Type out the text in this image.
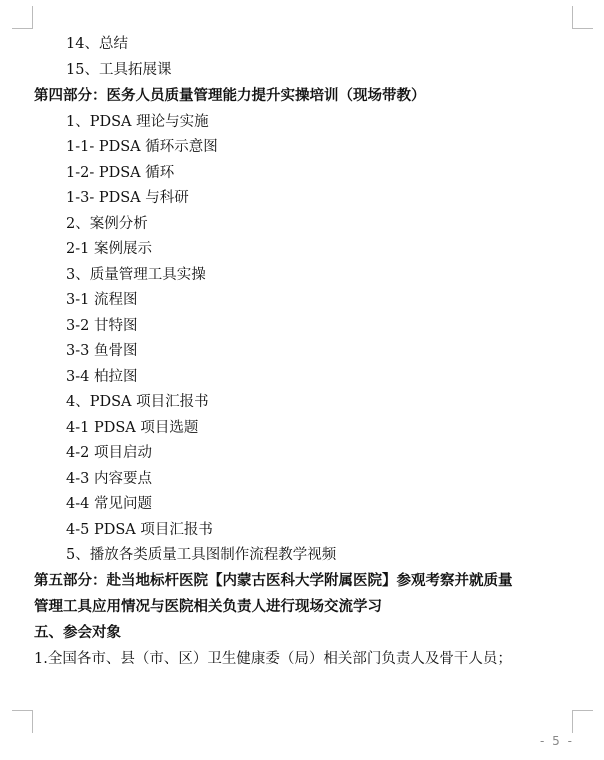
14、总结
15、工具拓展课
第四部分：医务人员质量管理能力提升实操培训（现场带教）
1、PDSA 理论与实施
1-1- PDSA 循环示意图
1-2- PDSA 循环
1-3- PDSA 与科研
2、案例分析
2-1 案例展示
3、质量管理工具实操
3-1 流程图
3-2 甘特图
3-3 鱼骨图
3-4 柏拉图
4、PDSA 项目汇报书
4-1 PDSA 项目选题
4-2 项目启动
4-3 内容要点
4-4 常见问题
4-5 PDSA 项目汇报书
5、播放各类质量工具图制作流程教学视频
第五部分：赴当地标杆医院【内蒙古医科大学附属医院】参观考察并就质量
管理工具应用情况与医院相关负责人进行现场交流学习
五、参会对象
1.全国各市、县（市、区）卫生健康委（局）相关部门负责人及骨干人员；
- 5 -
